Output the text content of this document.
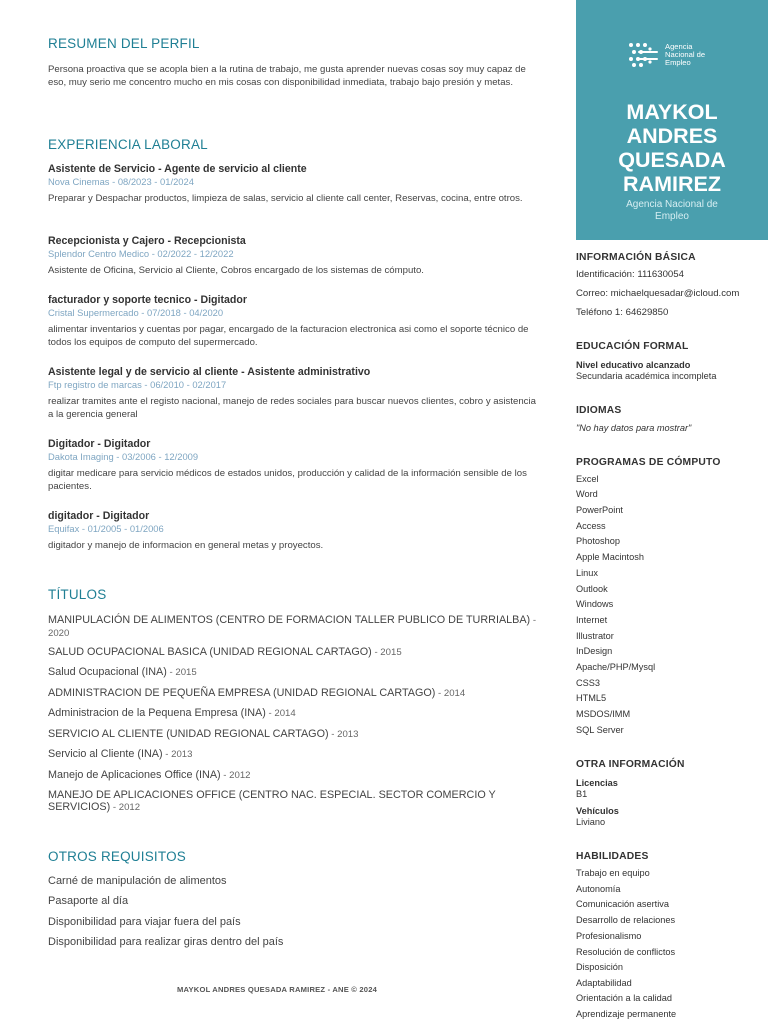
RESUMEN DEL PERFIL

Persona proactiva que se acopla bien a la rutina de trabajo, me gusta aprender nuevas cosas soy muy capaz de eso, muy serio me concentro mucho en mis cosas con disponibilidad inmediata, trabajo bajo presión y metas.

EXPERIENCIA LABORAL
Asistente de Servicio - Agente de servicio al cliente
Nova Cinemas - 08/2023 - 01/2024
Preparar y Despachar productos, limpieza de salas, servicio al cliente call center, Reservas, cocina, entre otros.
Recepcionista y Cajero - Recepcionista
Splendor Centro Medico - 02/2022 - 12/2022
Asistente de Oficina, Servicio al Cliente, Cobros encargado de los sistemas de cómputo.
facturador y soporte tecnico - Digitador
Cristal Supermercado - 07/2018 - 04/2020
alimentar inventarios y cuentas por pagar, encargado de la facturacion electronica asi como el soporte técnico de todos los equipos de computo del supermercado.
Asistente legal y de servicio al cliente - Asistente administrativo
Ftp registro de marcas - 06/2010 - 02/2017
realizar tramites ante el registo nacional, manejo de redes sociales para buscar nuevos clientes, cobro y asistencia a la gerencia general
Digitador - Digitador
Dakota Imaging - 03/2006 - 12/2009
digitar medicare para servicio médicos de estados unidos, producción y calidad de la información sensible de los pacientes.
digitador - Digitador
Equifax - 01/2005 - 01/2006
digitador y manejo de informacion en general metas y proyectos.
TÍTULOS
MANIPULACIÓN DE ALIMENTOS (CENTRO DE FORMACION TALLER PUBLICO DE TURRIALBA) - 2020
SALUD OCUPACIONAL BASICA (UNIDAD REGIONAL CARTAGO) - 2015
Salud Ocupacional (INA) - 2015
ADMINISTRACION DE PEQUEÑA EMPRESA (UNIDAD REGIONAL CARTAGO) - 2014
Administracion de la Pequena Empresa (INA) - 2014
SERVICIO AL CLIENTE (UNIDAD REGIONAL CARTAGO) - 2013
Servicio al Cliente (INA) - 2013
Manejo de Aplicaciones Office (INA) - 2012
MANEJO DE APLICACIONES OFFICE (CENTRO NAC. ESPECIAL. SECTOR COMERCIO Y SERVICIOS) - 2012
OTROS REQUISITOS
Carné de manipulación de alimentos
Pasaporte al día
Disponibilidad para viajar fuera del país
Disponibilidad para realizar giras dentro del país
MAYKOL ANDRES QUESADA RAMIREZ - ANE © 2024
Agencia
Nacional de
Empleo
MAYKOL
ANDRES
QUESADA
RAMIREZ
Agencia Nacional de
Empleo
INFORMACIÓN BÁSICA
Identificación: 111630054
Correo: michaelquesadar@icloud.com
Teléfono 1: 64629850
EDUCACIÓN FORMAL
Nivel educativo alcanzado
Secundaria académica incompleta
IDIOMAS
"No hay datos para mostrar"
PROGRAMAS DE CÓMPUTO
Excel
Word
PowerPoint
Access
Photoshop
Apple Macintosh
Linux
Outlook
Windows
Internet
Illustrator
InDesign
Apache/PHP/Mysql
CSS3
HTML5
MSDOS/IMM
SQL Server
OTRA INFORMACIÓN
Licencias
B1
Vehículos
Liviano
HABILIDADES
Trabajo en equipo
Autonomía
Comunicación asertiva
Desarrollo de relaciones
Profesionalismo
Resolución de conflictos
Disposición
Adaptabilidad
Orientación a la calidad
Aprendizaje permanente
